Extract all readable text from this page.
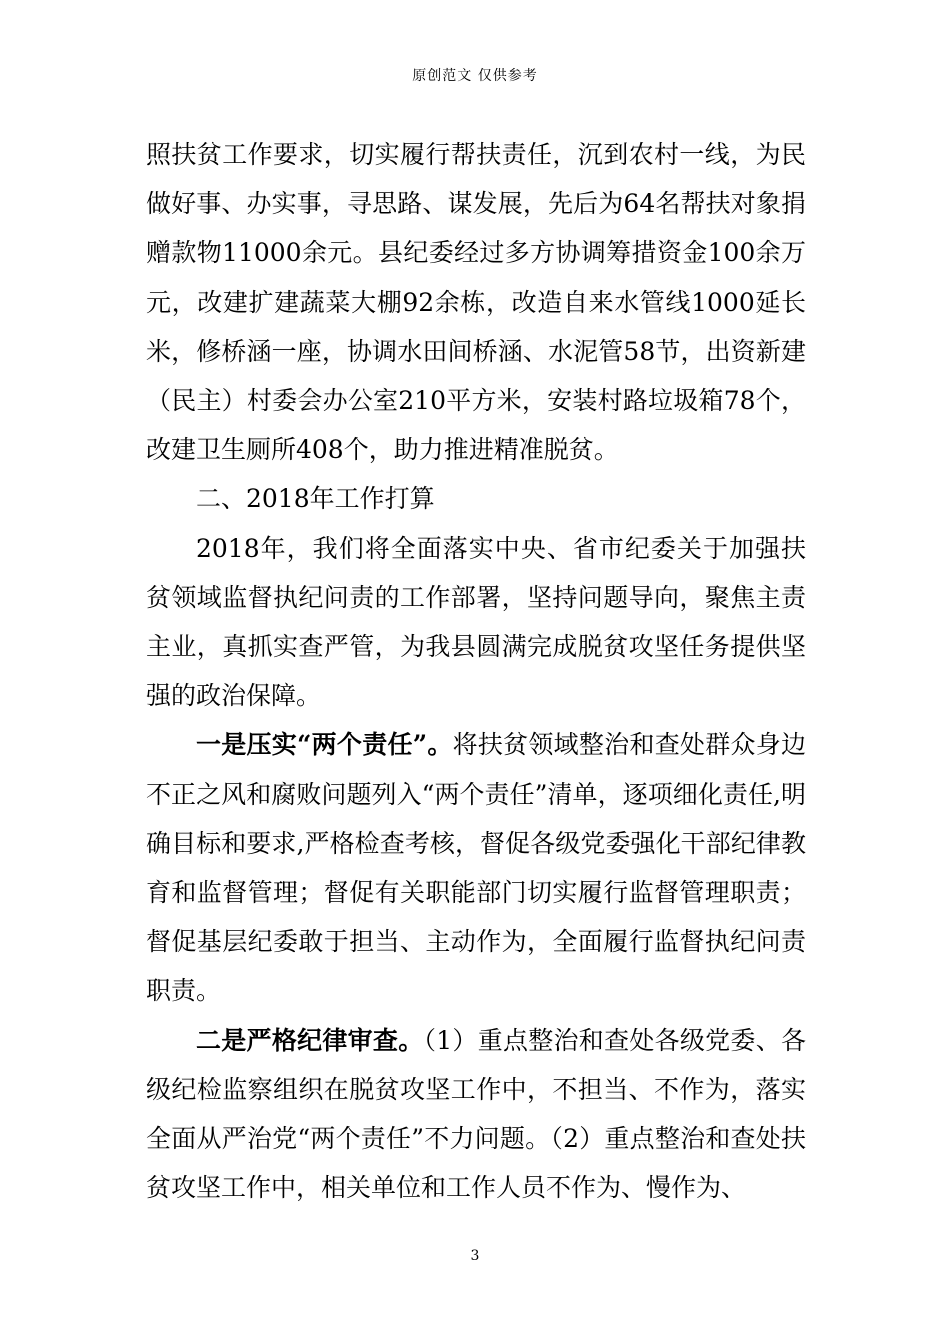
原创范文 仅供参考

照扶贫工作要求，切实履行帮扶责任，沉到农村一线，为民做好事、办实事，寻思路、谋发展，先后为64名帮扶对象捐赠款物11000余元。县纪委经过多方协调筹措资金100余万元，改建扩建蔬菜大棚92余栋，改造自来水管线1000延长米，修桥涵一座，协调水田间桥涵、水泥管58节，出资新建（民主）村委会办公室210平方米，安装村路垃圾箱78个，改建卫生厕所408个，助力推进精准脱贫。

二、2018年工作打算

2018年，我们将全面落实中央、省市纪委关于加强扶贫领域监督执纪问责的工作部署，坚持问题导向，聚焦主责主业，真抓实查严管，为我县圆满完成脱贫攻坚任务提供坚强的政治保障。

一是压实“两个责任”。将扶贫领域整治和查处群众身边不正之风和腐败问题列入“两个责任”清单，逐项细化责任,明确目标和要求,严格检查考核，督促各级党委强化干部纪律教育和监督管理；督促有关职能部门切实履行监督管理职责；督促基层纪委敢于担当、主动作为，全面履行监督执纪问责职责。

二是严格纪律审查。（1）重点整治和查处各级党委、各级纪检监察组织在脱贫攻坚工作中，不担当、不作为，落实全面从严治党“两个责任”不力问题。（2）重点整治和查处扶贫攻坚工作中，相关单位和工作人员不作为、慢作为、

3
